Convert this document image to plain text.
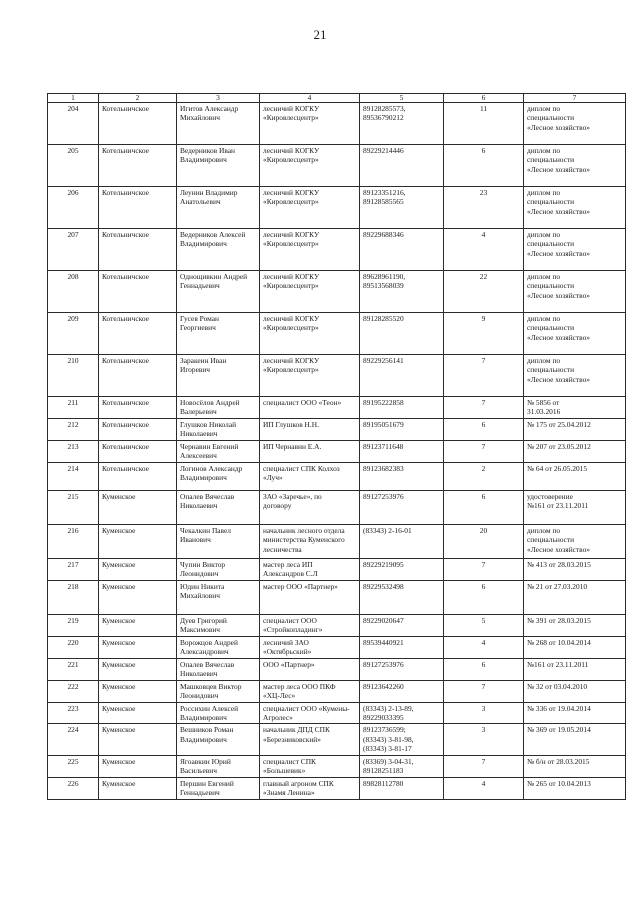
21
1	2	3	4	5	6	7
204	Котельничское	Игитов Александр
Михайлович	лесничий КОГКУ
«Кировлесцентр»	89128285573,
89536790212	11	диплом по
специальности
«Лесное хозяйство»

205	Котельничское	Ведерников Иван
Владимирович	лесничий КОГКУ
«Кировлесцентр»	89229214446	6	диплом по
специальности
«Лесное хозяйство»

206	Котельничское	Леунин Владимир
Анатольевич	лесничий КОГКУ
«Кировлесцентр»	89123351216,
89128585565	23	диплом по
специальности
«Лесное хозяйство»

207	Котельничское	Ведерников Алексей
Владимирович	лесничий КОГКУ
«Кировлесцентр»	89229688346	4	диплом по
специальности
«Лесное хозяйство»

208	Котельничское	Однощивкин Андрей
Геннадьевич	лесничий КОГКУ
«Кировлесцентр»	89628961190,
89513568039	22	диплом по
специальности
«Лесное хозяйство»

209	Котельничское	Гусев Роман
Георгиевич	лесничий КОГКУ
«Кировлесцентр»	89128285520	9	диплом по
специальности
«Лесное хозяйство»

210	Котельничское	Заракеин Иван
Игоревич	лесничий КОГКУ
«Кировлесцентр»	89229256141	7	диплом по
специальности
«Лесное хозяйство»

211	Котельничское	Новосёлов Андрей
Валерьевич	специалист ООО «Теон»	89195222858	7	№ 5856 от
31.03.2016

212	Котельничское	Глушков Николай
Николаевич	ИП Глушков Н.Н.	89195051679	6	№ 175 от 25.04.2012

213	Котельничское	Чернавин Евгений
Алексеевич	ИП Чернавин Е.А.	89123711648	7	№ 207 от 23.05.2012

214	Котельничское	Логинов Александр
Владимирович	специалист СПК Колхоз
«Луч»	89123682383	2	№ 64 от 26.05.2015

215	Куменское	Опалев Вячеслав
Николаевич	ЗАО «Заречье», по
договору	89127253976	6	удостоверение
№161 от 23.11.2011

216	Куменское	Чекалкин Павел
Иванович	начальник лесного отдела
министерства Куменского
лесничества	(83343) 2-16-01	20	диплом по
специальности
«Лесное хозяйство»

217	Куменское	Чупин Виктор
Леонидович	мастер леса ИП
Александров С.Л	89229219095	7	№ 413 от 28.03.2015

218	Куменское	Юдин Никита
Михайлович	мастер ООО «Партнер»	89229532498	6	№ 21 от 27.03.2010

219	Куменское	Дуев Григорий
Максимович	специалист ООО
«Стройкопладинг»	89229020647	5	№ 391 от 28.03.2015

220	Куменское	Ворожцов Андрей
Александрович	лесничий ЗАО
«Октябрьский»	89539440921	4	№ 268 от 10.04.2014

221	Куменское	Опалев Вячеслав
Николаевич	ООО «Партнер»	89127253976	6	№161 от 23.11.2011

222	Куменское	Машковцев Виктор
Леонидович	мастер леса ООО ПКФ
«ХЦ-Лес»	89123642260	7	№ 32 от 03.04.2010

223	Куменское	Россихин Алексей
Владимирович	специалист ООО «Кумены-
Агролес»	(83343) 2-13-89,
89229033395	3	№ 336 от 19.04.2014

224	Куменское	Вешников Роман
Владимирович	начальник ДПД СПК
«Березниковский»	89123736599;
(83343) 3-81-98,
(83343) 3-81-17	3	№ 369 от 19.05.2014

225	Куменское	Ягоавкин Юрий
Васильевич	специалист СПК
«Большевик»	(83369) 3-04-31,
89128251183	7	№ б/н от 28.03.2015

226	Куменское	Першин Евгений
Геннадьевич	главный агроном СПК
«Знамя Ленина»	89828112780	4	№ 265 от 10.04.2013
